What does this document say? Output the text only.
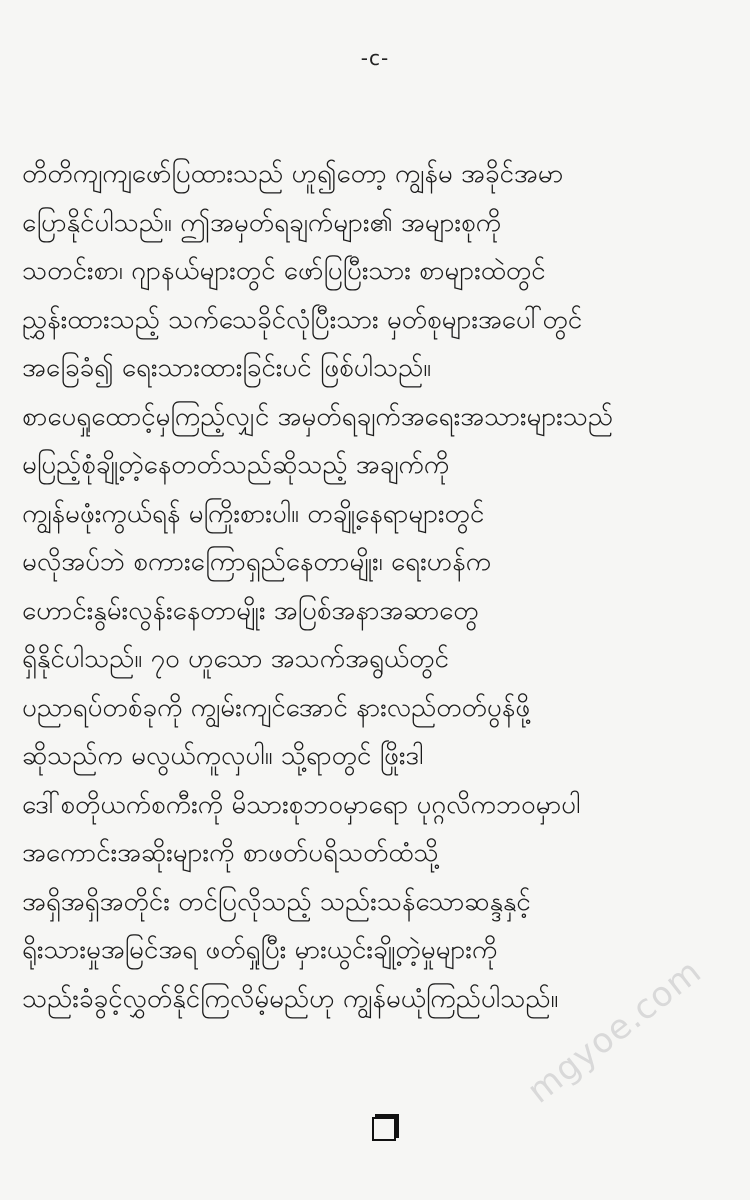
-c-
တိတိကျကျဖော်ပြထားသည် ဟူ၍တော့ ကျွန်မ အခိုင်အမာ
ပြောနိုင်ပါသည်။ ဤအမှတ်ရချက်များ၏ အများစုကို
သတင်းစာ၊ ဂျာနယ်များတွင် ဖော်ပြပြီးသား စာများထဲတွင်
ညွှန်းထားသည့် သက်သေခိုင်လုံပြီးသား မှတ်စုများအပေါ်တွင်
အခြေခံ၍ ရေးသားထားခြင်းပင် ဖြစ်ပါသည်။
စာပေရှုထောင့်မှကြည့်လျှင် အမှတ်ရချက်အရေးအသားများသည်
မပြည့်စုံချို့တဲ့နေတတ်သည်ဆိုသည့် အချက်ကို
ကျွန်မဖုံးကွယ်ရန် မကြိုးစားပါ။ တချို့နေရာများတွင်
မလိုအပ်ဘဲ စကားကြောရှည်နေတာမျိုး၊ ရေးဟန်က
ဟောင်းနွမ်းလွန်းနေတာမျိုး အပြစ်အနာအဆာတွေ
ရှိနိုင်ပါသည်။ ၇၀ ဟူသော အသက်အရွယ်တွင်
ပညာရပ်တစ်ခုကို ကျွမ်းကျင်အောင် နားလည်တတ်ပွန်ဖို့
ဆိုသည်က မလွယ်ကူလှပါ။ သို့ရာတွင် ဖြိုးဒါ
ဒေါ်စတိုယက်စကီးကို မိသားစုဘဝမှာရော ပုဂ္ဂလိကဘဝမှာပါ
အကောင်းအဆိုးများကို စာဖတ်ပရိသတ်ထံသို့
အရှိအရှိအတိုင်း တင်ပြလိုသည့် သည်းသန်သောဆန္ဒနှင့်
ရိုးသားမှုအမြင်အရ ဖတ်ရှုပြီး မှားယွင်းချို့တဲ့မှုများကို
သည်းခံခွင့်လွှတ်နိုင်ကြလိမ့်မည်ဟု ကျွန်မယုံကြည်ပါသည်။
mgyoe.com
